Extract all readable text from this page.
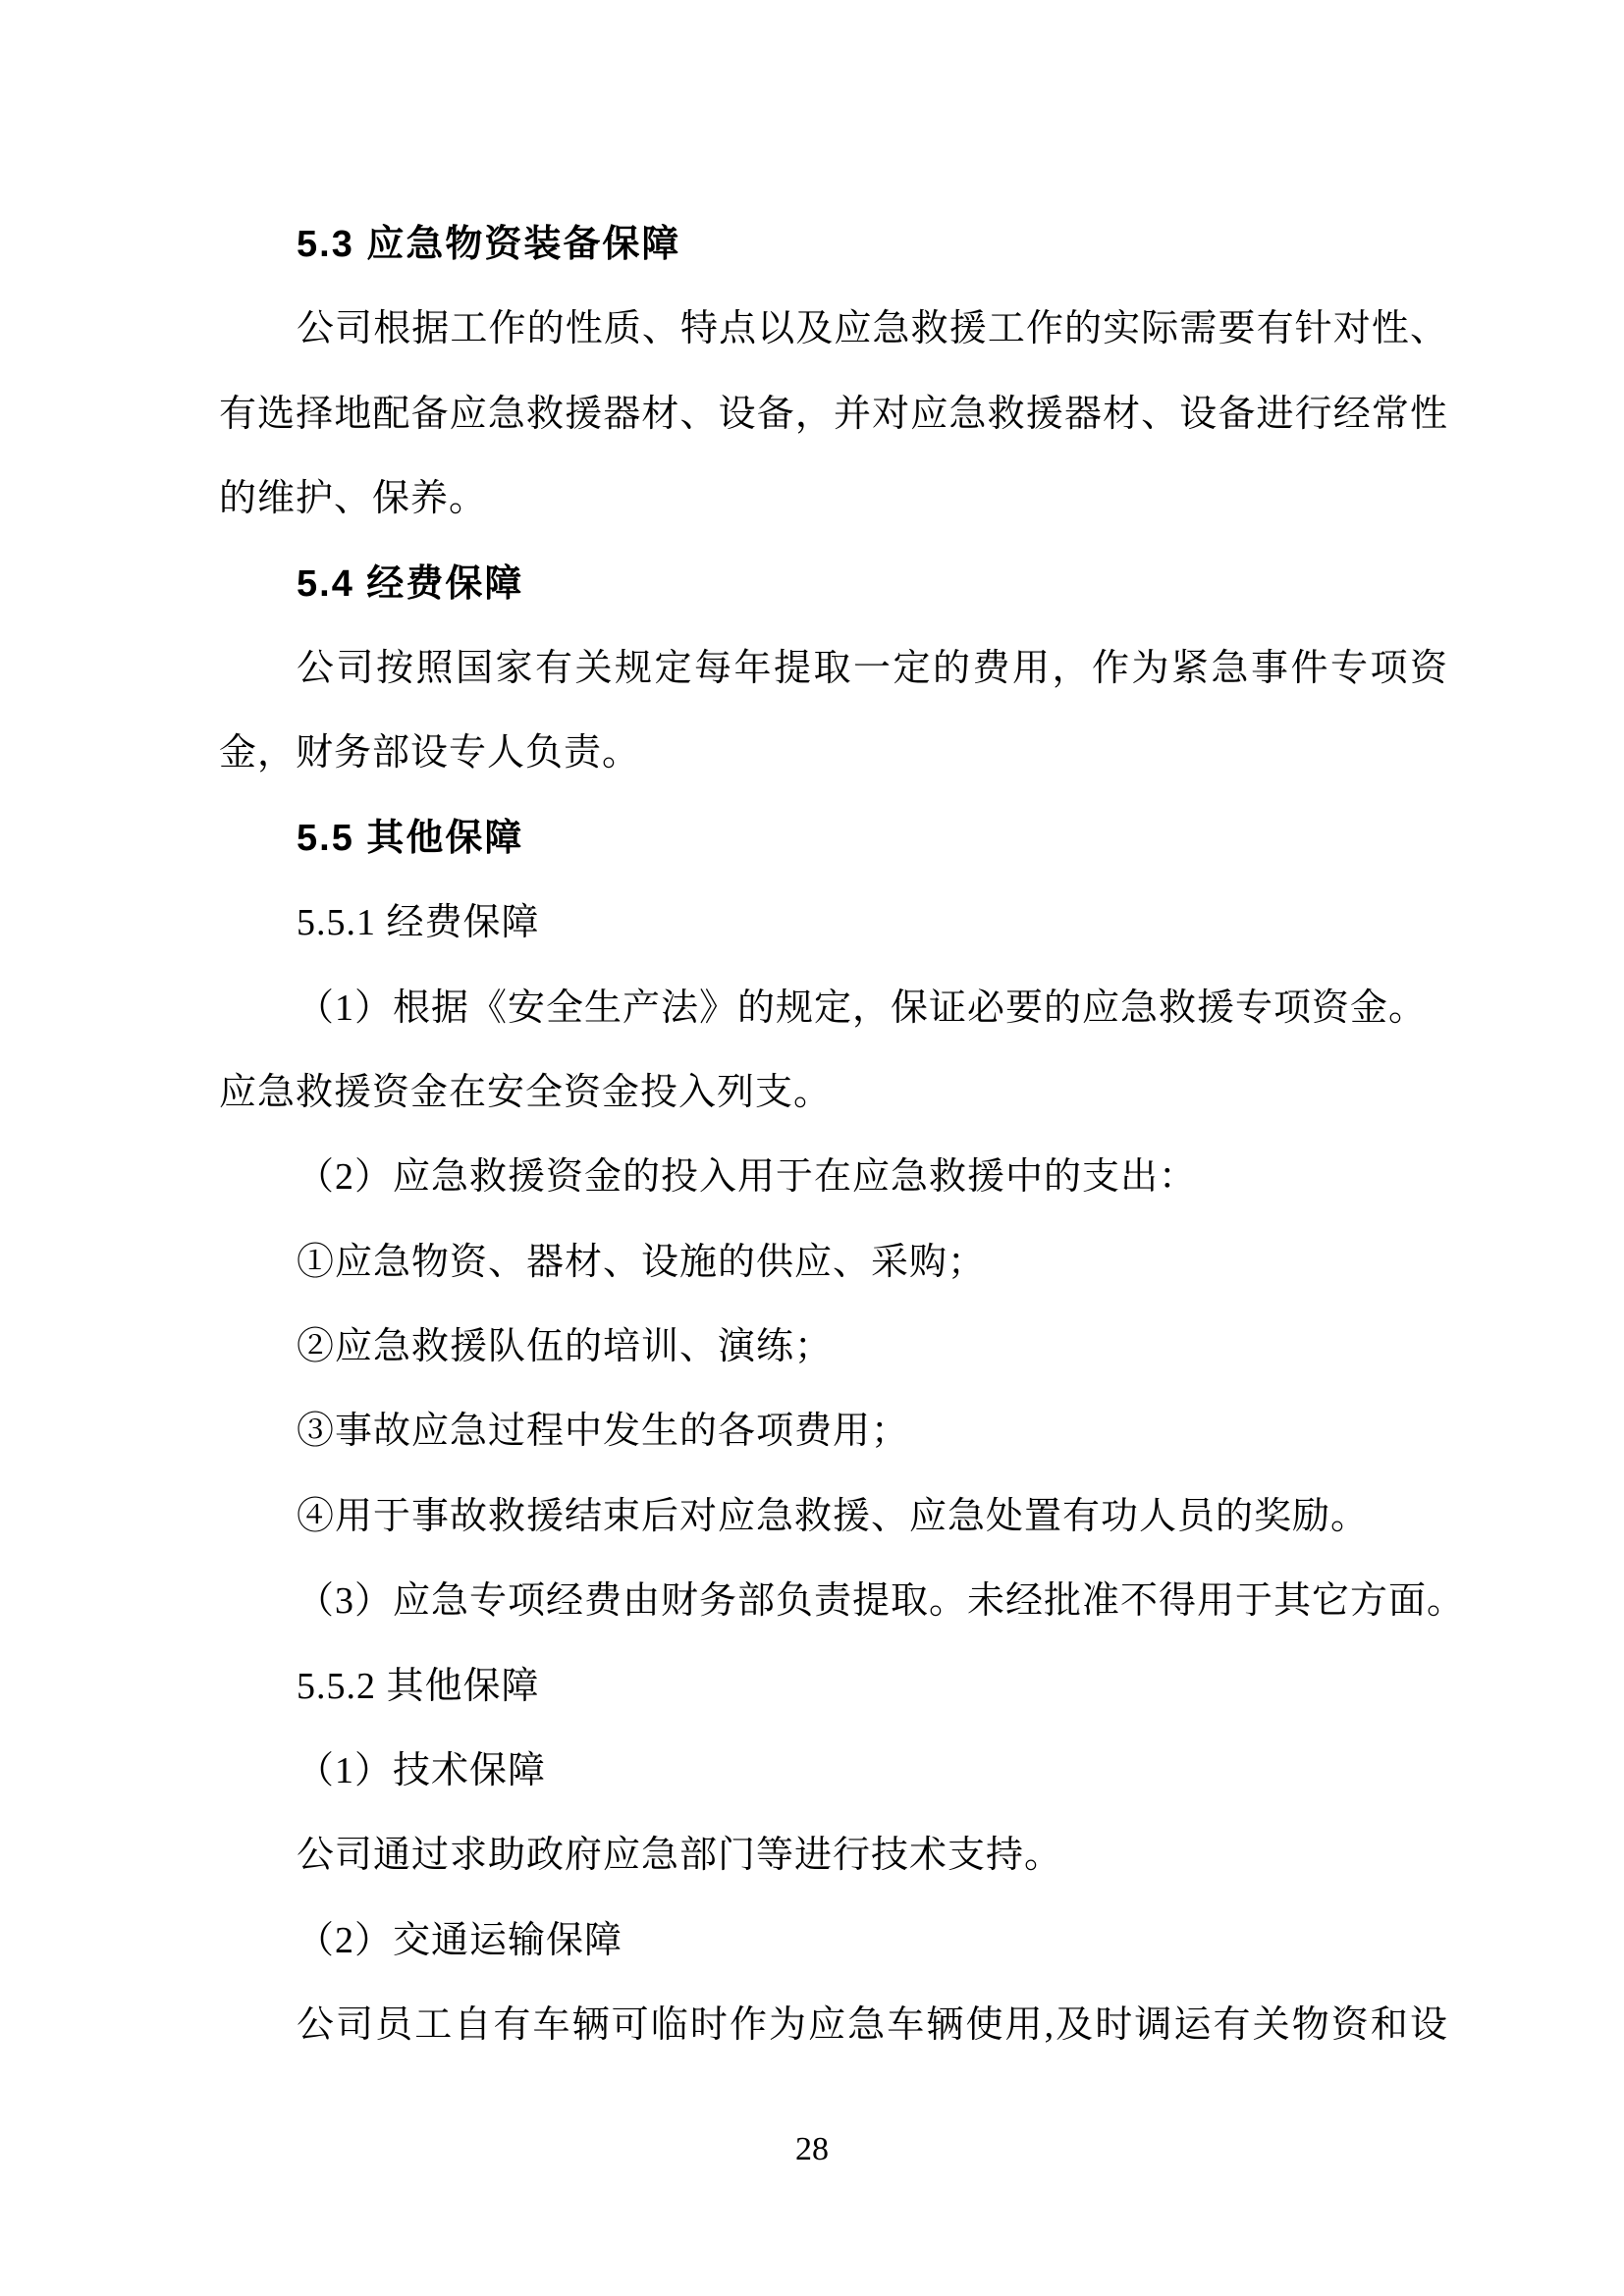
5.3 应急物资装备保障
公司根据工作的性质、特点以及应急救援工作的实际需要有针对性、
有选择地配备应急救援器材、设备，并对应急救援器材、设备进行经常性
的维护、保养。
5.4 经费保障
公司按照国家有关规定每年提取一定的费用，作为紧急事件专项资
金，财务部设专人负责。
5.5 其他保障
5.5.1 经费保障
（1）根据《安全生产法》的规定，保证必要的应急救援专项资金。
应急救援资金在安全资金投入列支。
（2）应急救援资金的投入用于在应急救援中的支出：
①应急物资、器材、设施的供应、采购；
②应急救援队伍的培训、演练；
③事故应急过程中发生的各项费用；
④用于事故救援结束后对应急救援、应急处置有功人员的奖励。
（3）应急专项经费由财务部负责提取。未经批准不得用于其它方面。
5.5.2 其他保障
（1）技术保障
公司通过求助政府应急部门等进行技术支持。
（2）交通运输保障
公司员工自有车辆可临时作为应急车辆使用,及时调运有关物资和设
28
